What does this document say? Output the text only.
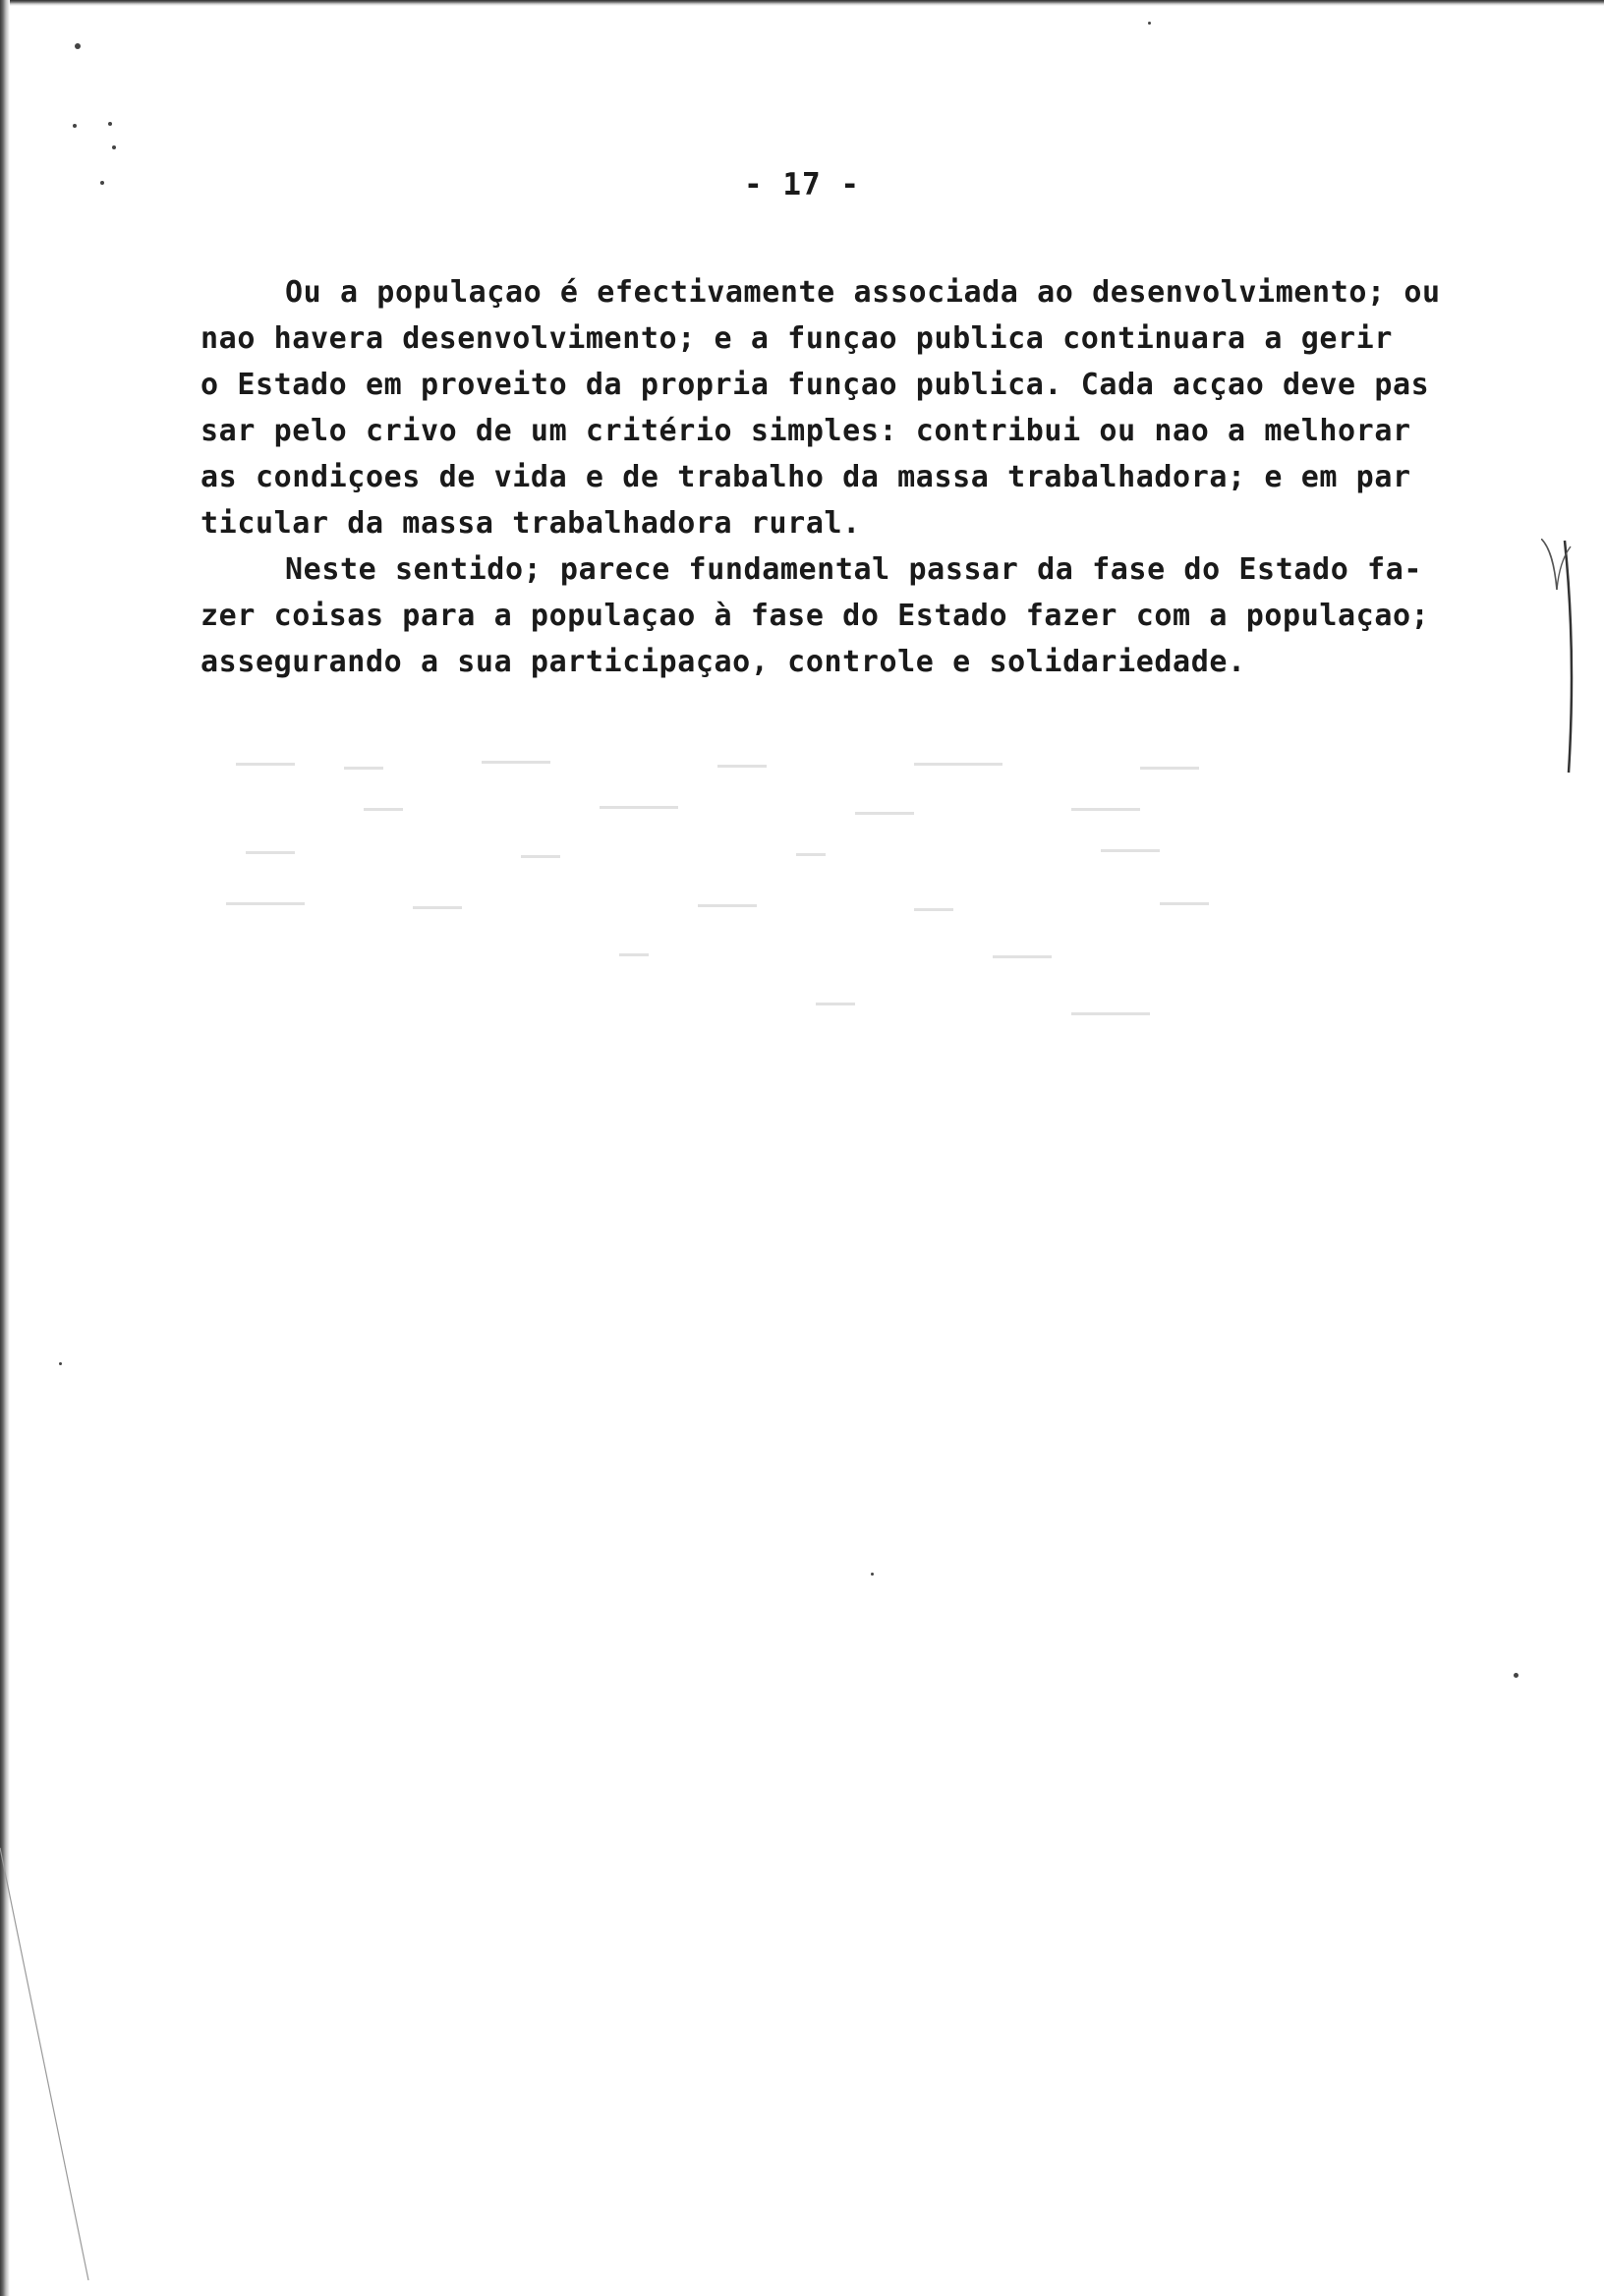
- 17 -
Ou a populaçao é efectivamente associada ao desenvolvimento; ou
nao havera desenvolvimento; e a funçao publica continuara a gerir
o Estado em proveito da propria funçao publica. Cada acçao deve pas
sar pelo crivo de um critério simples: contribui ou nao a melhorar
as condiçoes de vida e de trabalho da massa trabalhadora; e em par
ticular da massa trabalhadora rural.
Neste sentido; parece fundamental passar da fase do Estado fa-
zer coisas para a populaçao à fase do Estado fazer com a populaçao;
assegurando a sua participaçao, controle e solidariedade.
